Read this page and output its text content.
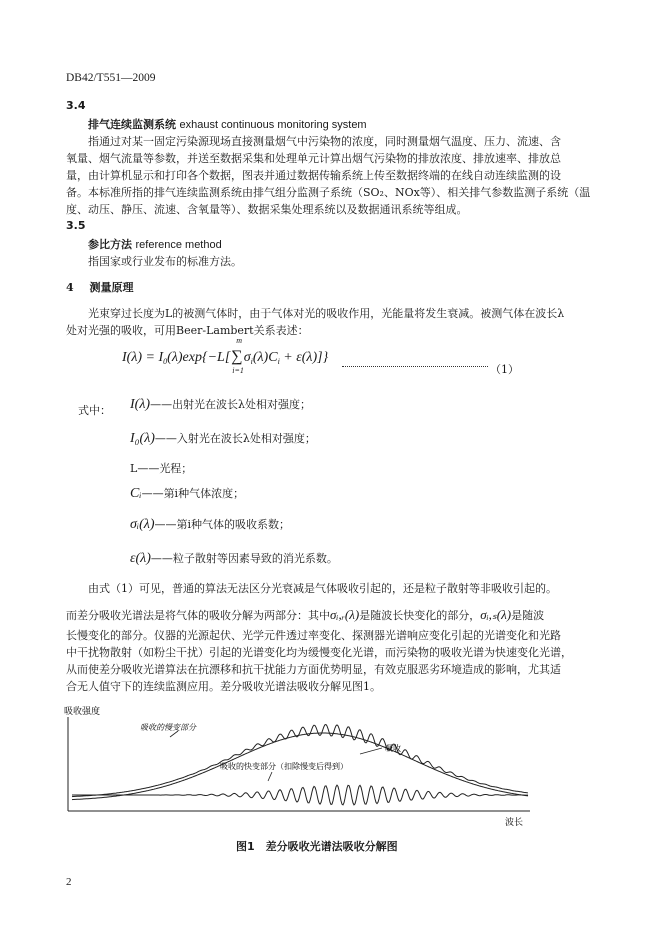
DB42/T551—2009
3.4
排气连续监测系统 exhaust continuous monitoring system
指通过对某一固定污染源现场直接测量烟气中污染物的浓度，同时测量烟气温度、压力、流速、含
氧量、烟气流量等参数，并送至数据采集和处理单元计算出烟气污染物的排放浓度、排放速率、排放总
量，由计算机显示和打印各个数据，图表并通过数据传输系统上传至数据终端的在线自动连续监测的设
备。本标准所指的排气连续监测系统由排气组分监测子系统（SO₂、NOx等）、相关排气参数监测子系统（温
度、动压、静压、流速、含氧量等）、数据采集处理系统以及数据通讯系统等组成。
3.5
参比方法 reference method
指国家或行业发布的标准方法。
4 测量原理
光束穿过长度为L的被测气体时，由于气体对光的吸收作用，光能量将发生衰减。被测气体在波长λ
处对光强的吸收，可用Beer-Lambert关系表述：
$I(\lambda) = I_0(\lambda)\exp\{-L$[
m
∑
i=1
$\sigma_i(\lambda)C_i + \varepsilon(\lambda)$]}
（1）
式中： I(λ)——出射光在波长λ处相对强度；
I₀(λ)——入射光在波长λ处相对强度；
L——光程；
Cᵢ——第i种气体浓度；
σᵢ(λ)——第i种气体的吸收系数；
ε(λ)——粒子散射等因素导致的消光系数。
由式（1）可见，普通的算法无法区分光衰减是气体吸收引起的，还是粒子散射等非吸收引起的。
而差分吸收光谱法是将气体的吸收分解为两部分：其中σᵢ,ᵣ(λ)是随波长快变化的部分，σᵢ,ₛ(λ)是随波
长慢变化的部分。仪器的光源起伏、光学元件透过率变化、探测器光谱响应变化引起的光谱变化和光路
中干扰物散射（如粉尘干扰）引起的光谱变化均为缓慢变化光谱，而污染物的吸收光谱为快速变化光谱，
从而使差分吸收光谱算法在抗漂移和抗干扰能力方面优势明显，有效克服恶劣环境造成的影响，尤其适
合无人值守下的连续监测应用。差分吸收光谱法吸收分解见图1。
吸收强度
波长
吸收的慢变部分
吸收
吸收的快变部分（扣除慢变后得到）
图1　差分吸收光谱法吸收分解图
2
